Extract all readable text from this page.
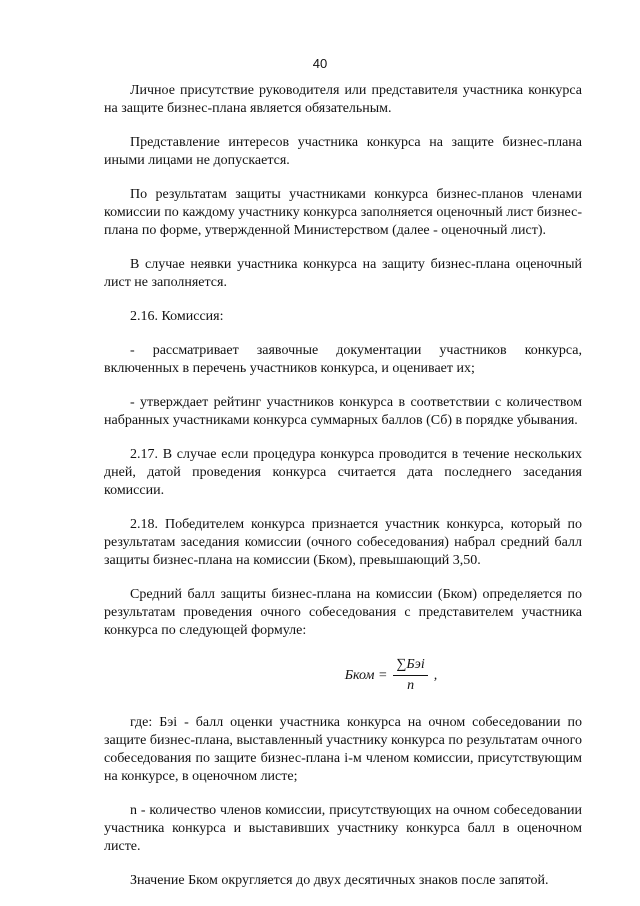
40

Личное присутствие руководителя или представителя участника конкурса на защите бизнес-плана является обязательным.

Представление интересов участника конкурса на защите бизнес-плана иными лицами не допускается.

По результатам защиты участниками конкурса бизнес-планов членами комиссии по каждому участнику конкурса заполняется оценочный лист бизнес-плана по форме, утвержденной Министерством (далее - оценочный лист).

В случае неявки участника конкурса на защиту бизнес-плана оценочный лист не заполняется.

2.16. Комиссия:

- рассматривает заявочные документации участников конкурса, включенных в перечень участников конкурса, и оценивает их;

- утверждает рейтинг участников конкурса в соответствии с количеством набранных участниками конкурса суммарных баллов (Сб) в порядке убывания.

2.17. В случае если процедура конкурса проводится в течение нескольких дней, датой проведения конкурса считается дата последнего заседания комиссии.

2.18. Победителем конкурса признается участник конкурса, который по результатам заседания комиссии (очного собеседования) набрал средний балл защиты бизнес-плана на комиссии (Бком), превышающий 3,50.

Средний балл защиты бизнес-плана на комиссии (Бком) определяется по результатам проведения очного собеседования с представителем участника конкурса по следующей формуле:

Бком = $\frac{\text{∑Бэi}}{n}$ ,

где: Бэi - балл оценки участника конкурса на очном собеседовании по защите бизнес-плана, выставленный участнику конкурса по результатам очного собеседования по защите бизнес-плана i-м членом комиссии, присутствующим на конкурсе, в оценочном листе;

n - количество членов комиссии, присутствующих на очном собеседовании участника конкурса и выставивших участнику конкурса балл в оценочном листе.

Значение Бком округляется до двух десятичных знаков после запятой.
